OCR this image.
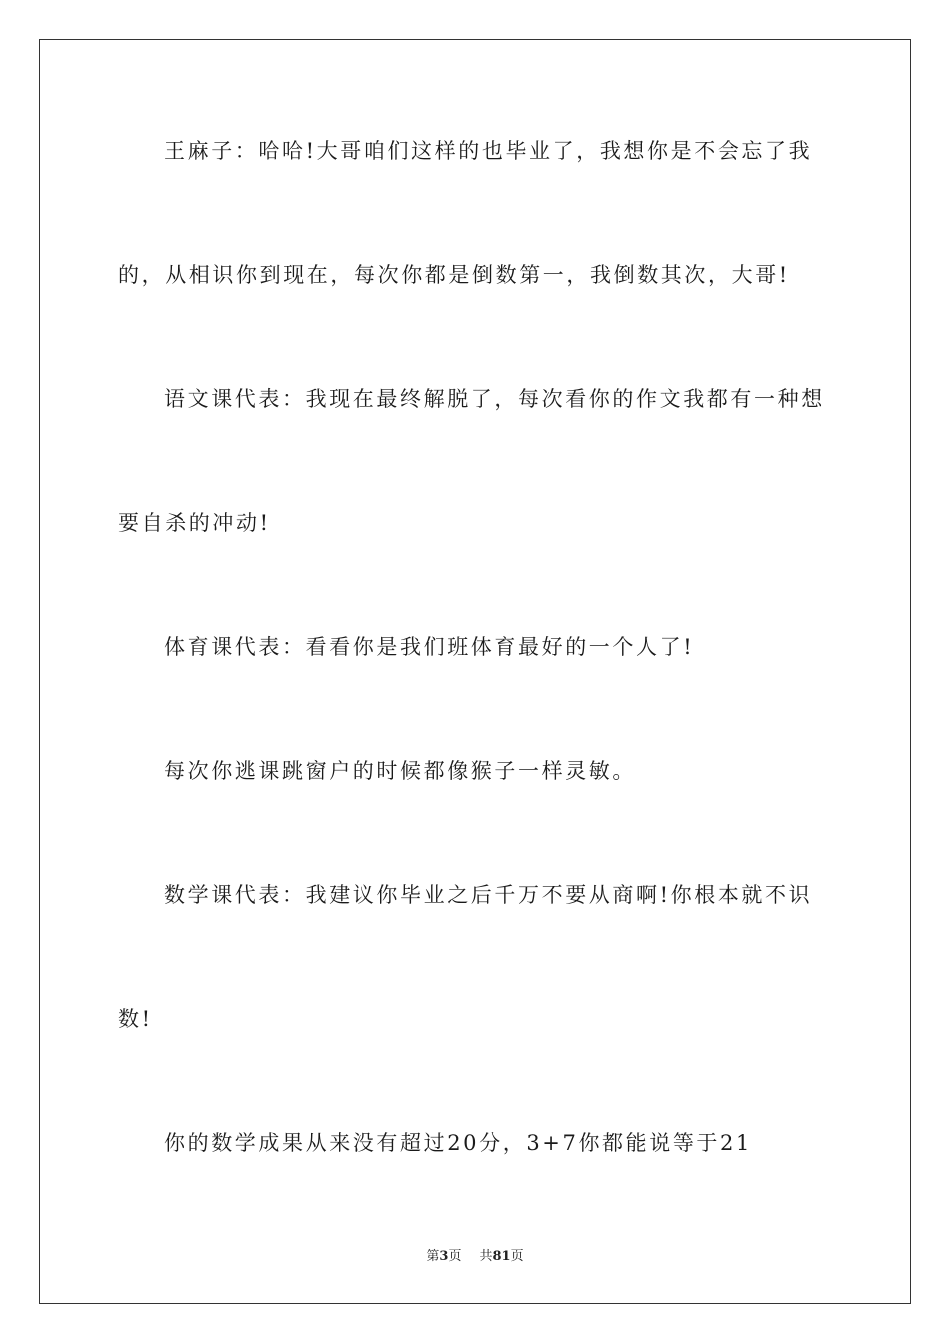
王麻子：哈哈!大哥咱们这样的也毕业了，我想你是不会忘了我
的，从相识你到现在，每次你都是倒数第一，我倒数其次，大哥!
语文课代表：我现在最终解脱了，每次看你的作文我都有一种想
要自杀的冲动!
体育课代表：看看你是我们班体育最好的一个人了!
每次你逃课跳窗户的时候都像猴子一样灵敏。
数学课代表：我建议你毕业之后千万不要从商啊!你根本就不识
数!
你的数学成果从来没有超过20分，3+7你都能说等于21
第3页 共81页
